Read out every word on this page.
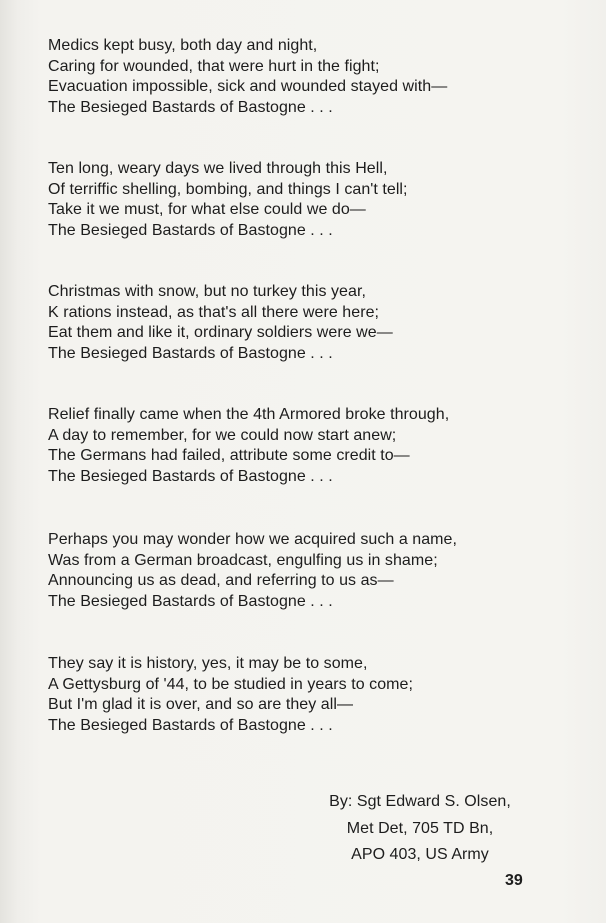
Medics kept busy, both day and night,
Caring for wounded, that were hurt in the fight;
Evacuation impossible, sick and wounded stayed with—
The Besieged Bastards of Bastogne . . .
Ten long, weary days we lived through this Hell,
Of terriffic shelling, bombing, and things I can't tell;
Take it we must, for what else could we do—
The Besieged Bastards of Bastogne . . .
Christmas with snow, but no turkey this year,
K rations instead, as that's all there were here;
Eat them and like it, ordinary soldiers were we—
The Besieged Bastards of Bastogne . . .
Relief finally came when the 4th Armored broke through,
A day to remember, for we could now start anew;
The Germans had failed, attribute some credit to—
The Besieged Bastards of Bastogne . . .
Perhaps you may wonder how we acquired such a name,
Was from a German broadcast, engulfing us in shame;
Announcing us as dead, and referring to us as—
The Besieged Bastards of Bastogne . . .
They say it is history, yes, it may be to some,
A Gettysburg of '44, to be studied in years to come;
But I'm glad it is over, and so are they all—
The Besieged Bastards of Bastogne . . .
By: Sgt Edward S. Olsen,
Met Det, 705 TD Bn,
APO 403, US Army
39
